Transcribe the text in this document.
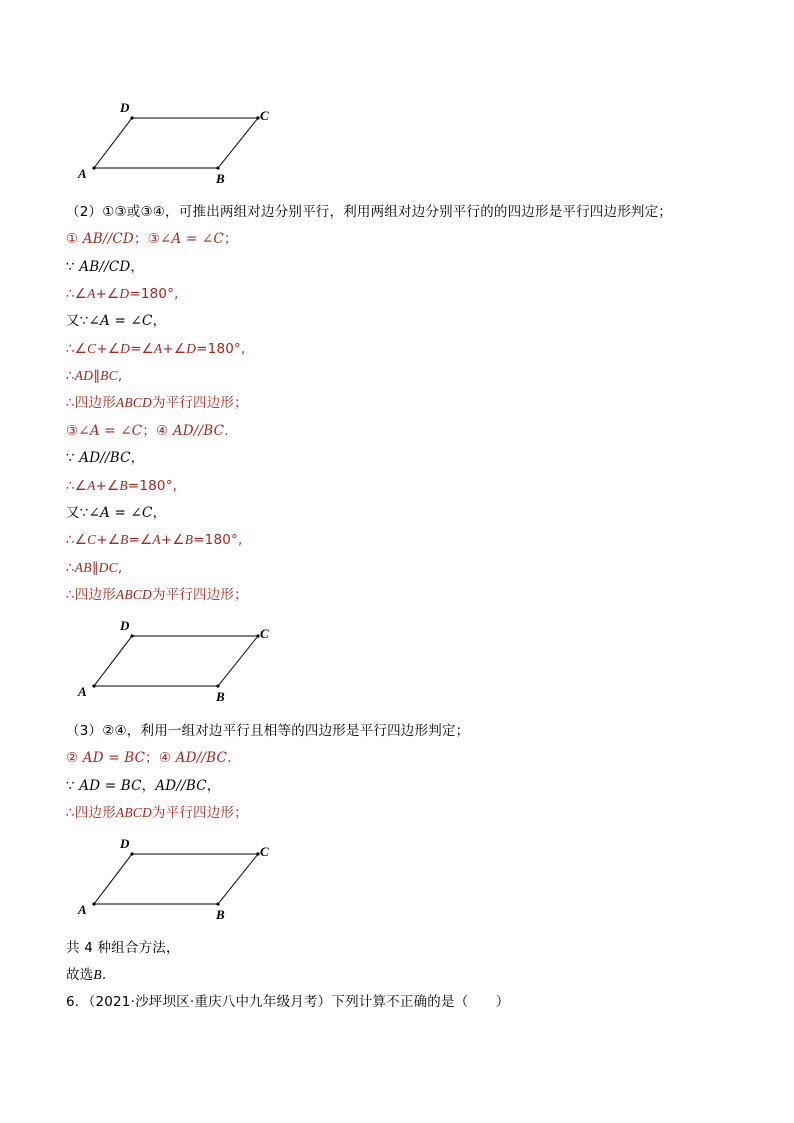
A	B
C
D
（2）①③或③④，可推出两组对边分别平行，利用两组对边分别平行的的四边形是平行四边形判定；
① AB//CD；③∠A = ∠C；
∵ AB//CD，
∴∠A+∠D=180°,
又∵∠A = ∠C，
∴∠C+∠D=∠A+∠D=180°,
∴AD∥BC,
∴四边形ABCD为平行四边形；
③∠A = ∠C；④ AD//BC.
∵ AD//BC，
∴∠A+∠B=180°,
又∵∠A = ∠C，
∴∠C+∠B=∠A+∠B=180°,
∴AB∥DC,
∴四边形ABCD为平行四边形；
A	B
C
D
（3）②④，利用一组对边平行且相等的四边形是平行四边形判定；
② AD = BC；④ AD//BC.
∵ AD = BC，AD//BC，
∴四边形ABCD为平行四边形；
A	B
C
D
共 4 种组合方法，
故选B.
6．（2021·沙坪坝区·重庆八中九年级月考）下列计算不正确的是（　　）
